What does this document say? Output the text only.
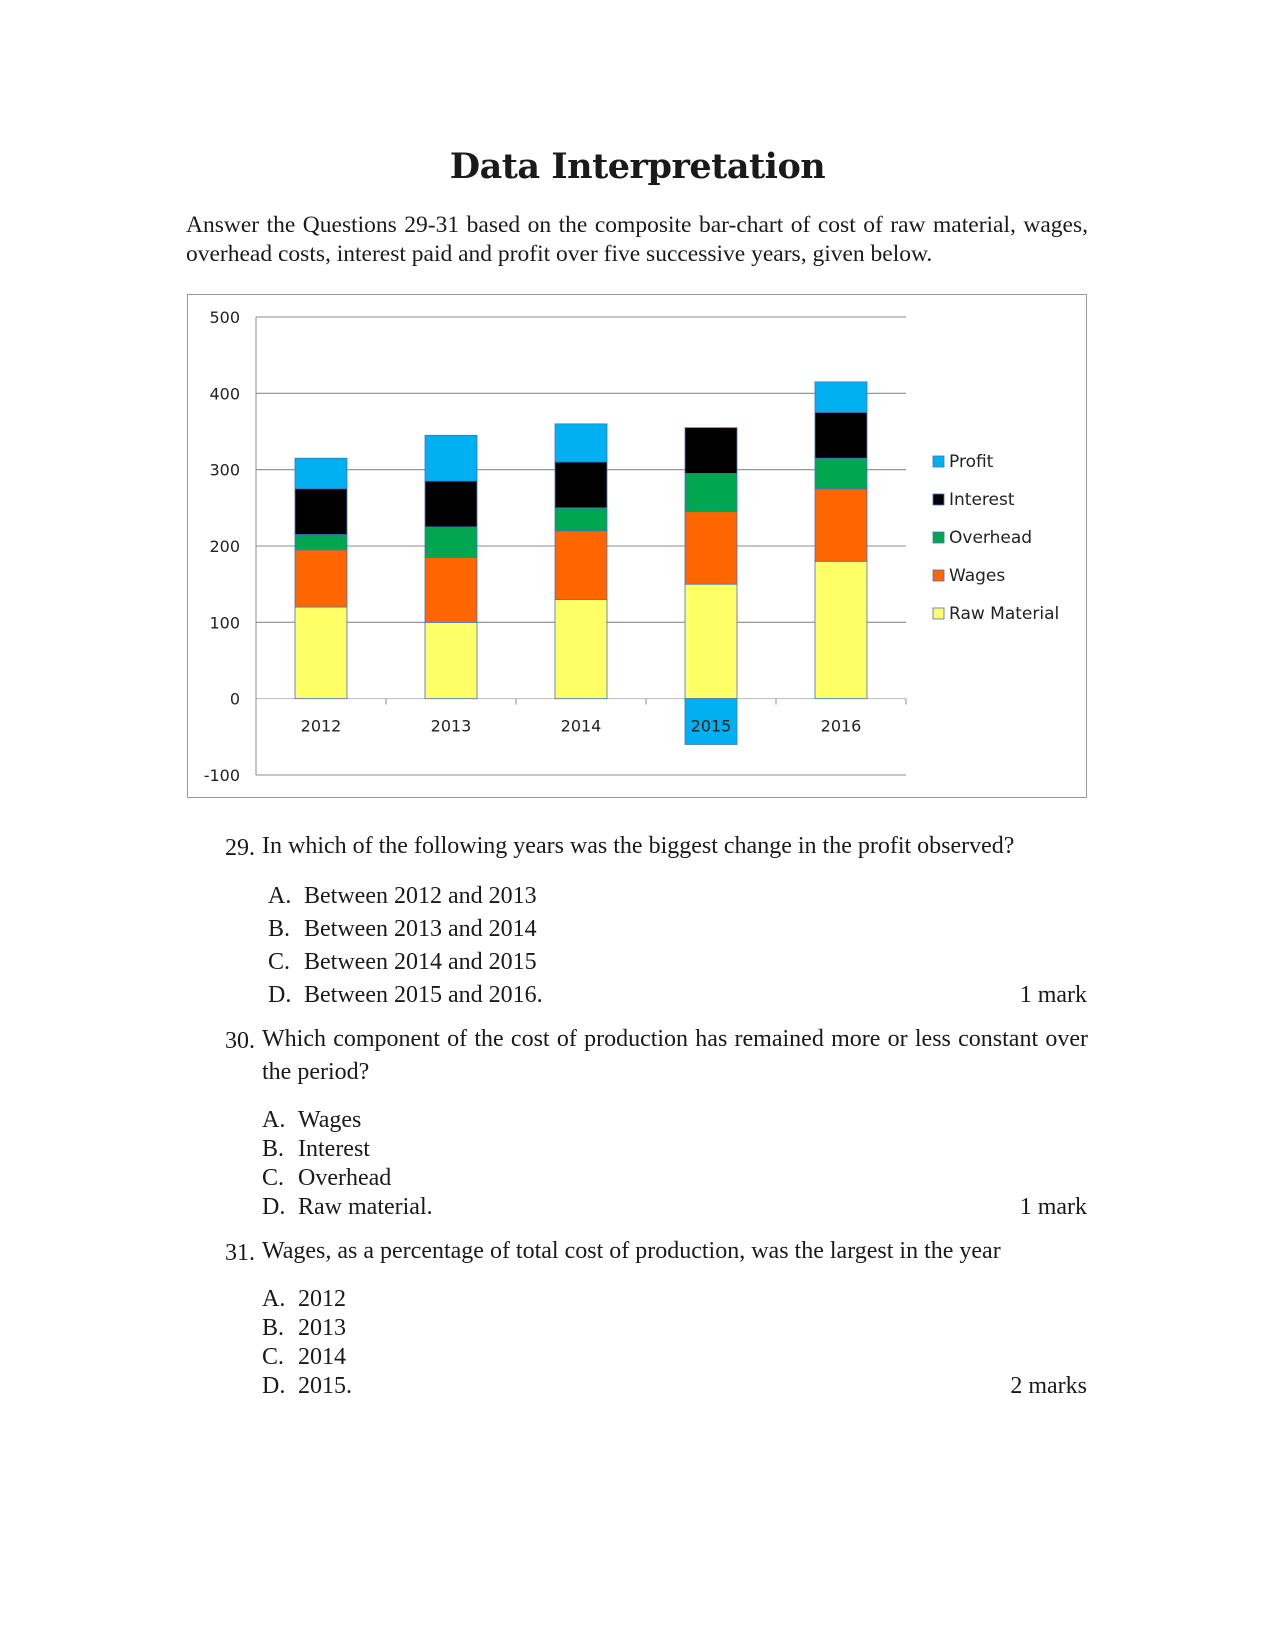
Data Interpretation
Answer the Questions 29-31 based on the composite bar-chart of cost of raw material, wages, overhead costs, interest paid and profit over five successive years, given below.
500
400
300
200
100
0
-100
2012	2013	2014	2015	2016
Profit
Interest
Overhead
Wages
Raw Material
29. In which of the following years was the biggest change in the profit observed?
A. Between 2012 and 2013
B. Between 2013 and 2014
C. Between 2014 and 2015
D. Between 2015 and 2016.	1 mark
30. Which component of the cost of production has remained more or less constant over the period?
A. Wages
B. Interest
C. Overhead
D. Raw material.	1 mark
31. Wages, as a percentage of total cost of production, was the largest in the year
A. 2012
B. 2013
C. 2014
D. 2015.	2 marks
